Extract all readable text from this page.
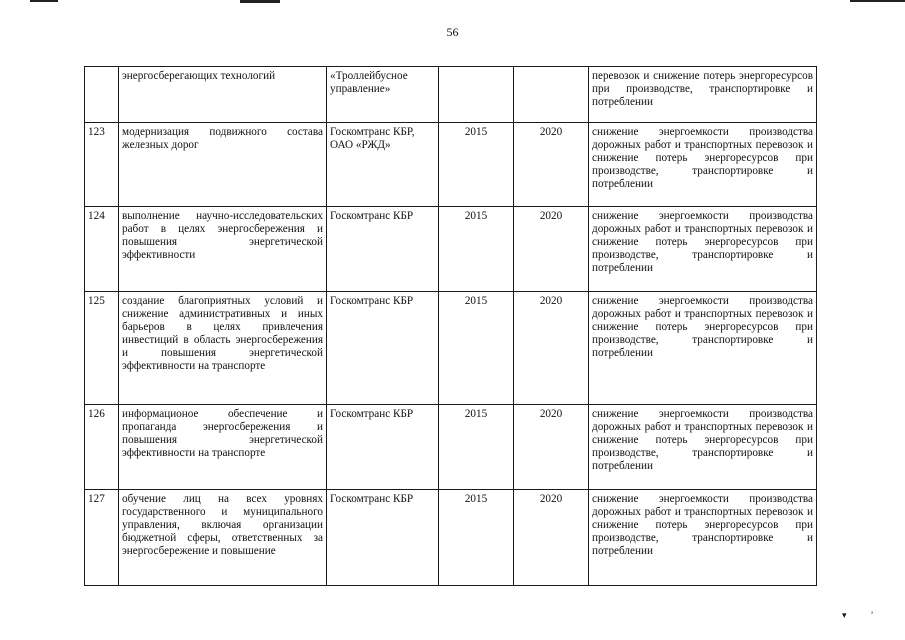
56
	энергосберегающих технологий	«Троллейбусное управление»			перевозок и снижение потерь энергоресурсов при производстве, транспортировке и потреблении
123	модернизация подвижного состава железных дорог	Госкомтранс КБР, ОАО «РЖД»	2015	2020	снижение энергоемкости производства дорожных работ и транспортных перевозок и снижение потерь энергоресурсов при производстве, транспортировке и потреблении
124	выполнение научно-исследовательских работ в целях энергосбережения и повышения энергетической эффективности	Госкомтранс КБР	2015	2020	снижение энергоемкости производства дорожных работ и транспортных перевозок и снижение потерь энергоресурсов при производстве, транспортировке и потреблении
125	создание благоприятных условий и снижение административных и иных барьеров в целях привлечения инвестиций в область энергосбережения и повышения энергетической эффективности на транспорте	Госкомтранс КБР	2015	2020	снижение энергоемкости производства дорожных работ и транспортных перевозок и снижение потерь энергоресурсов при производстве, транспортировке и потреблении
126	информационое обеспечение и пропаганда энергосбережения и повышения энергетической эффективности на транспорте	Госкомтранс КБР	2015	2020	снижение энергоемкости производства дорожных работ и транспортных перевозок и снижение потерь энергоресурсов при производстве, транспортировке и потреблении
127	обучение лиц на всех уровнях государственного и муниципального управления, включая организации бюджетной сферы, ответственных за энергосбережение и повышение	Госкомтранс КБР	2015	2020	снижение энергоемкости производства дорожных работ и транспортных перевозок и снижение потерь энергоресурсов при производстве, транспортировке и потреблении
▾’
